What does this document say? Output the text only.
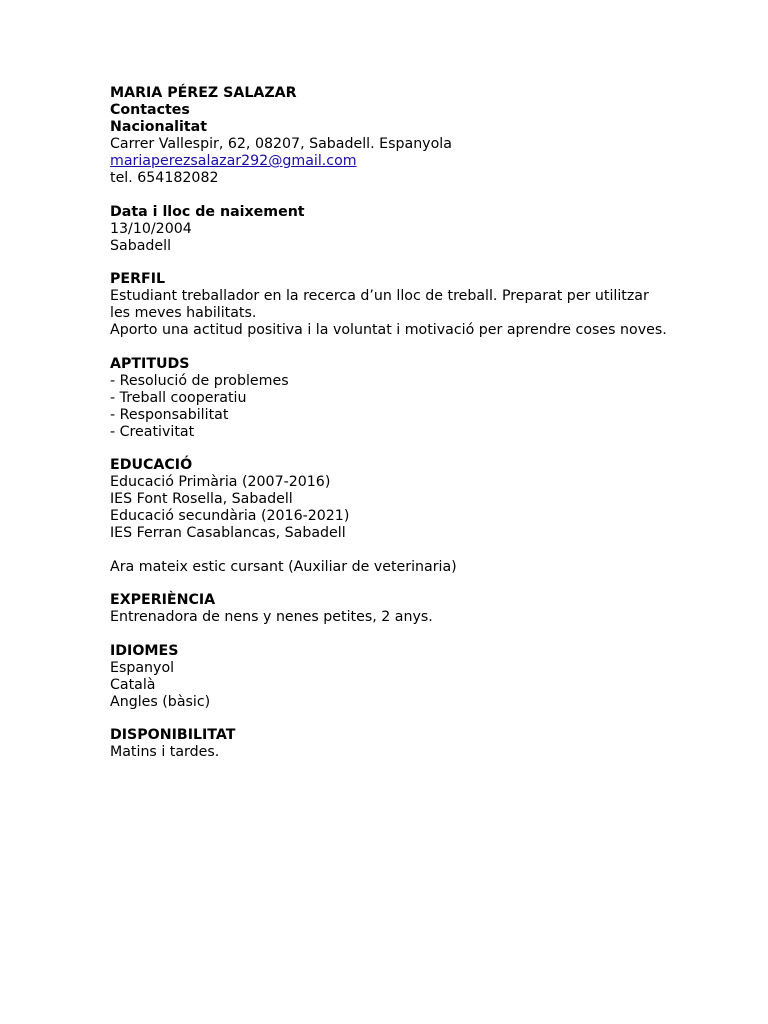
MARIA PÉREZ SALAZAR
Contactes
Nacionalitat
Carrer Vallespir, 62, 08207, Sabadell. Espanyola
mariaperezsalazar292@gmail.com
tel. 654182082
Data i lloc de naixement
13/10/2004
Sabadell
PERFIL
Estudiant treballador en la recerca d’un lloc de treball. Preparat per utilitzar les meves habilitats.
Aporto una actitud positiva i la voluntat i motivació per aprendre coses noves.
APTITUDS
- Resolució de problemes
- Treball cooperatiu
- Responsabilitat
- Creativitat
EDUCACIÓ
Educació Primària (2007-2016)
IES Font Rosella, Sabadell
Educació secundària (2016-2021)
IES Ferran Casablancas, Sabadell
Ara mateix estic cursant (Auxiliar de veterinaria)
EXPERIÈNCIA
Entrenadora de nens y nenes petites, 2 anys.
IDIOMES
Espanyol
Català
Angles (bàsic)
DISPONIBILITAT
Matins i tardes.
